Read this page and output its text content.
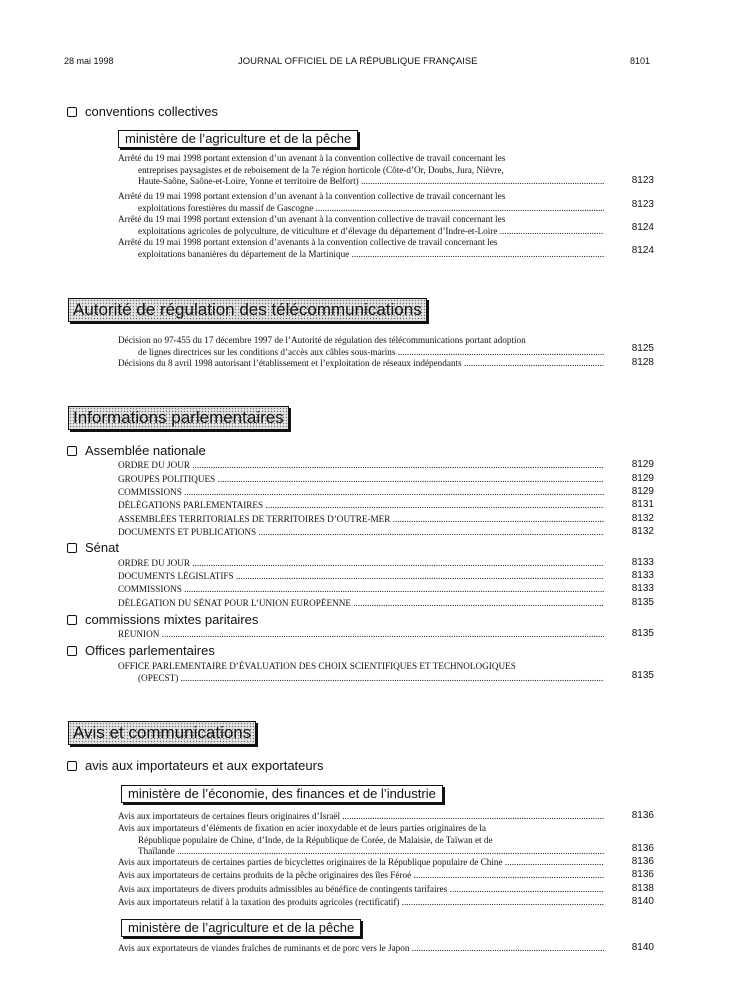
28 mai 1998	JOURNAL OFFICIEL DE LA RÉPUBLIQUE FRANÇAISE	8101
conventions collectives
ministère de l’agriculture et de la pêche
Arrêté du 19 mai 1998 portant extension d’un avenant à la convention collective de travail concernant les
entreprises paysagistes et de reboisement de la 7e région horticole (Côte-d’Or, Doubs, Jura, Nièvre,
Haute-Saône, Saône-et-Loire, Yonne et territoire de Belfort) .....	8123
Arrêté du 19 mai 1998 portant extension d’un avenant à la convention collective de travail concernant les
exploitations forestières du massif de Gascogne .....	8123
Arrêté du 19 mai 1998 portant extension d’un avenant à la convention collective de travail concernant les
exploitations agricoles de polyculture, de viticulture et d’élevage du département d’Indre-et-Loire .....	8124
Arrêté du 19 mai 1998 portant extension d’avenants à la convention collective de travail concernant les
exploitations bananières du département de la Martinique .....	8124
Autorité de régulation des télécommunications
Décision no 97-455 du 17 décembre 1997 de l’Autorité de régulation des télécommunications portant adoption
de lignes directrices sur les conditions d’accès aux câbles sous-marins .....	8125
Décisions du 8 avril 1998 autorisant l’établissement et l’exploitation de réseaux indépendants .....	8128
Informations parlementaires
Assemblée nationale
ORDRE DU JOUR .....	8129
GROUPES POLITIQUES .....	8129
COMMISSIONS .....	8129
DÉLÉGATIONS PARLEMENTAIRES .....	8131
ASSEMBLÉES TERRITORIALES DE TERRITOIRES D’OUTRE-MER .....	8132
DOCUMENTS ET PUBLICATIONS .....	8132
Sénat
ORDRE DU JOUR .....	8133
DOCUMENTS LÉGISLATIFS .....	8133
COMMISSIONS .....	8133
DÉLÉGATION DU SÉNAT POUR L’UNION EUROPÉENNE .....	8135
commissions mixtes paritaires
RÉUNION .....	8135
Offices parlementaires
OFFICE PARLEMENTAIRE D’ÉVALUATION DES CHOIX SCIENTIFIQUES ET TECHNOLOGIQUES
(OPECST) .....	8135
Avis et communications
avis aux importateurs et aux exportateurs
ministère de l’économie, des finances et de l’industrie
Avis aux importateurs de certaines fleurs originaires d’Israël .....	8136
Avis aux importateurs d’éléments de fixation en acier inoxydable et de leurs parties originaires de la
République populaire de Chine, d’Inde, de la République de Corée, de Malaisie, de Taïwan et de
Thaïlande .....	8136
Avis aux importateurs de certaines parties de bicyclettes originaires de la République populaire de Chine .....	8136
Avis aux importateurs de certains produits de la pêche originaires des îles Féroé .....	8136
Avis aux importateurs de divers produits admissibles au bénéfice de contingents tarifaires .....	8138
Avis aux importateurs relatif à la taxation des produits agricoles (rectificatif) .....	8140
ministère de l’agriculture et de la pêche
Avis aux exportateurs de viandes fraîches de ruminants et de porc vers le Japon .....	8140
